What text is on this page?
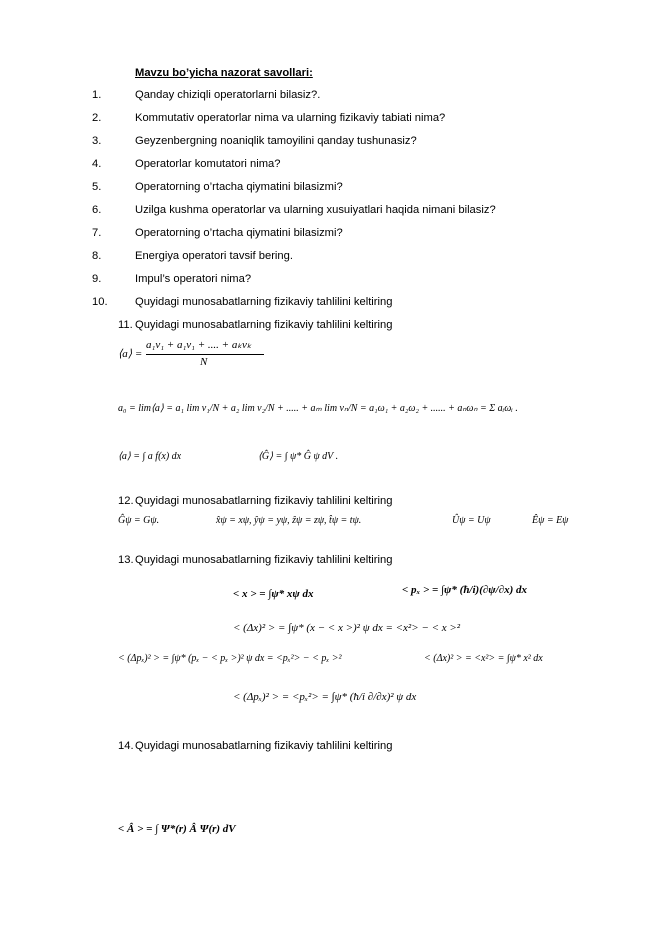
Mavzu bo’yicha nazorat savollari:
1.	Qanday chiziqli operatorlarni bilasiz?.
2.	Kommutativ operatorlar nima va ularning fizikaviy tabiati nima?
3.	Geyzenbergning noaniqlik tamoyilini qanday tushunasiz?
4.	Operatorlar komutatori nima?
5.	Operatorning o’rtacha qiymatini bilasizmi?
6.	Uzilga kushma operatorlar va ularning xusuiyatlari haqida nimani bilasiz?
7.	Operatorning o’rtacha qiymatini bilasizmi?
8.	Energiya operatori tavsif bering.
9.	Impul’s operatori nima?
10. Quyidagi munosabatlarning fizikaviy tahlilini keltiring
11. Quyidagi munosabatlarning fizikaviy tahlilini keltiring
⟨a⟩ =
a₁ν₁ + a₁ν₁ + .... + aₖνₖ
N
a₀ = lim⟨a⟩ = a₁ lim ν₁/N + a₂ lim ν₂/N + ..... + aₘ lim νₙ/N = a₁ω₁ + a₂ω₂ + ...... + aₙωₙ = Σ aᵢωᵢ .
⟨a⟩ = ∫ a f(x) dx	⟨Ĝ⟩ = ∫ ψ* Ĝ ψ dV .
12. Quyidagi munosabatlarning fizikaviy tahlilini keltiring
Ĝψ = Gψ.	x̂ψ = xψ, ŷψ = yψ, ẑψ = zψ, t̂ψ = tψ.	Ûψ = Uψ	Êψ = Eψ
13. Quyidagi munosabatlarning fizikaviy tahlilini keltiring
< x > = ∫ψ* xψ dx	< pₓ > = ∫ψ* (ħ/i)(∂ψ/∂x) dx
< (Δx)² > = ∫ψ* (x − < x >)² ψ dx = <x²> − < x >²
< (Δpₓ)² > = ∫ψ* (pₓ − < pₓ >)² ψ dx = <pₓ²> − < pₓ >²	< (Δx)² > = <x²> = ∫ψ* x² dx
< (Δpₓ)² > = <pₓ²> = ∫ψ* (ħ/i ∂/∂x)² ψ dx
14. Quyidagi munosabatlarning fizikaviy tahlilini keltiring
< Â > = ∫ Ψ*(r) Â Ψ(r) dV
